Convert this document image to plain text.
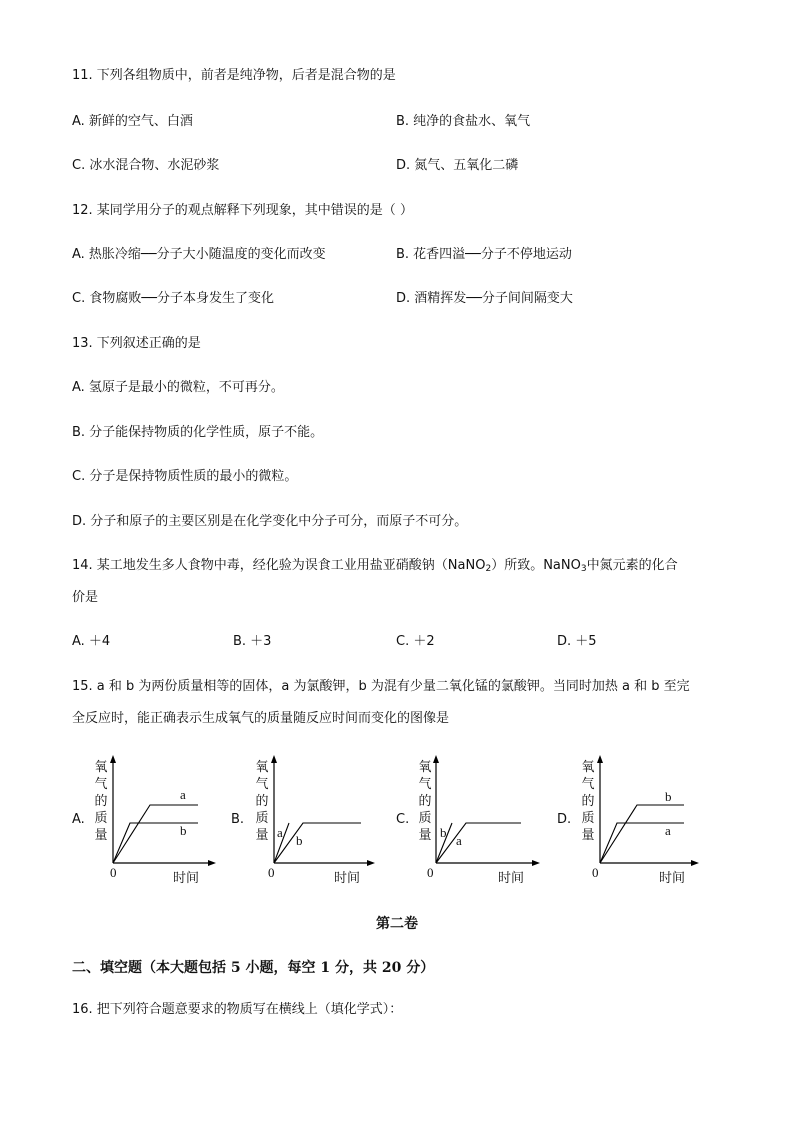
11. 下列各组物质中，前者是纯净物，后者是混合物的是
A. 新鲜的空气、白酒	B. 纯净的食盐水、氧气
C. 冰水混合物、水泥砂浆	D. 氮气、五氧化二磷
12. 某同学用分子的观点解释下列现象，其中错误的是（ ）
A. 热胀冷缩──分子大小随温度的变化而改变	B. 花香四溢──分子不停地运动
C. 食物腐败──分子本身发生了变化	D. 酒精挥发──分子间间隔变大
13. 下列叙述正确的是
A. 氢原子是最小的微粒，不可再分。
B. 分子能保持物质的化学性质，原子不能。
C. 分子是保持物质性质的最小的微粒。
D. 分子和原子的主要区别是在化学变化中分子可分，而原子不可分。
14. 某工地发生多人食物中毒，经化验为误食工业用盐亚硝酸钠（NaNO$_2$）所致。NaNO$_3$中氮元素的化合
价是
A. ＋4	B. ＋3	C. ＋2	D. ＋5
15. a 和 b 为两份质量相等的固体，a 为氯酸钾，b 为混有少量二氧化锰的氯酸钾。当同时加热 a 和 b 至完
全反应时，能正确表示生成氧气的质量随反应时间而变化的图像是
A.
氧
气
的
质
量
a
b
0	时间
B.
氧
气
的
质
量 a
b
0	时间
C.
氧
气
的
质
量 b
a
0	时间
D.
氧
气
的
质
量
b
a
0	时间
第二卷
二、填空题（本大题包括 5 小题，每空 1 分，共 20 分）
16. 把下列符合题意要求的物质写在横线上（填化学式）：
